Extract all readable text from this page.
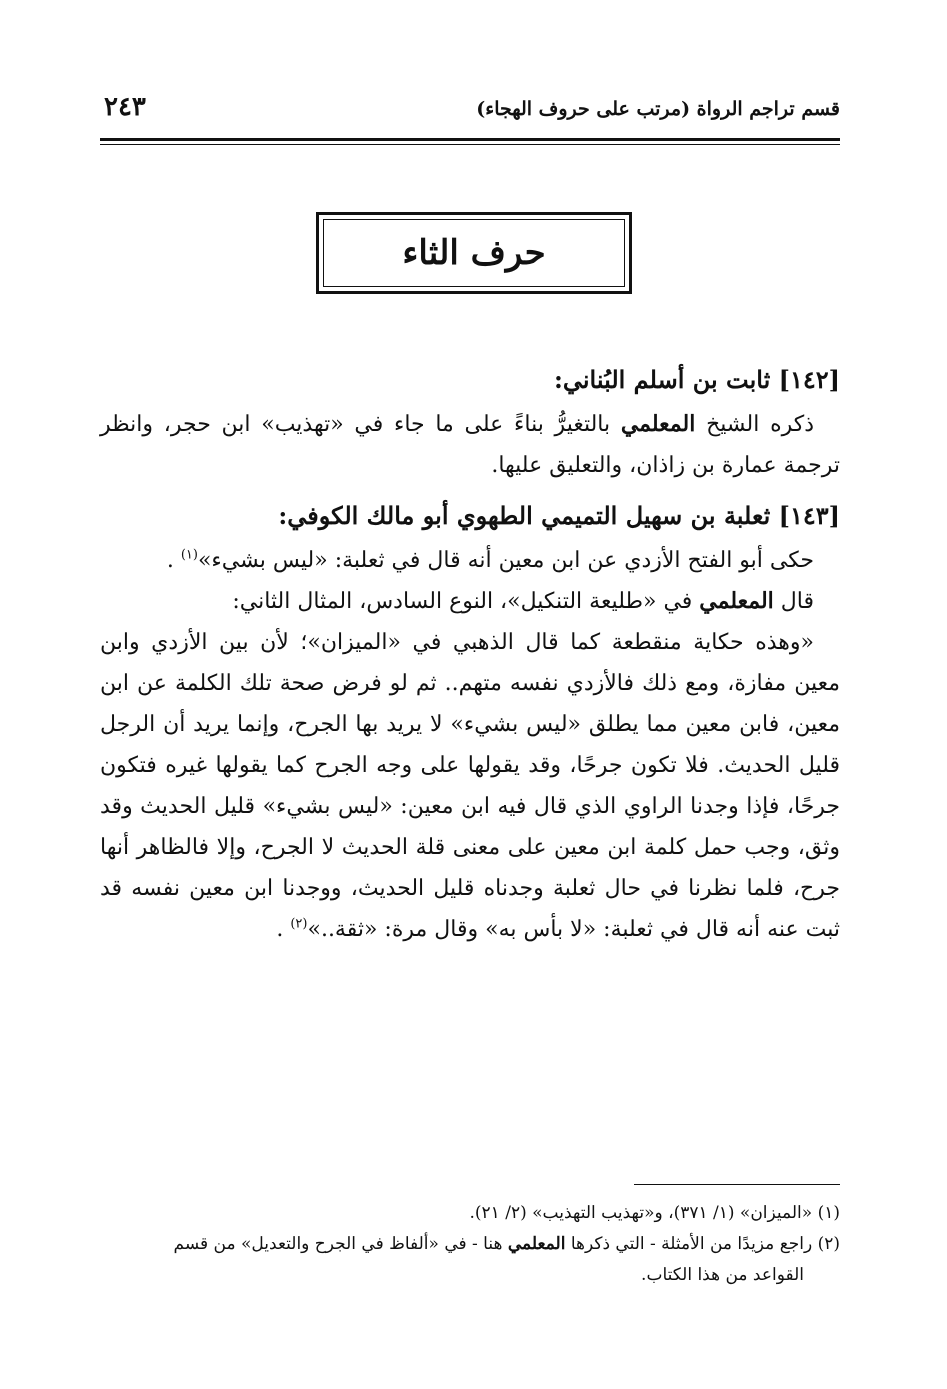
قسم تراجم الرواة (مرتب على حروف الهجاء)
٢٤٣
حرف الثاء

[١٤٢] ثابت بن أسلم البُناني:

ذكره الشيخ المعلمي بالتغيرُّ بناءً على ما جاء في «تهذيب» ابن حجر، وانظر ترجمة عمارة بن زاذان، والتعليق عليها.

[١٤٣] ثعلبة بن سهيل التميمي الطهوي أبو مالك الكوفي:

حكى أبو الفتح الأزدي عن ابن معين أنه قال في ثعلبة: «ليس بشيء»$^{(١)}$ .

قال المعلمي في «طليعة التنكيل»، النوع السادس، المثال الثاني:

«وهذه حكاية منقطعة كما قال الذهبي في «الميزان»؛ لأن بين الأزدي وابن معين مفازة، ومع ذلك فالأزدي نفسه متهم.. ثم لو فرض صحة تلك الكلمة عن ابن معين، فابن معين مما يطلق «ليس بشيء» لا يريد بها الجرح، وإنما يريد أن الرجل قليل الحديث. فلا تكون جرحًا، وقد يقولها على وجه الجرح كما يقولها غيره فتكون جرحًا، فإذا وجدنا الراوي الذي قال فيه ابن معين: «ليس بشيء» قليل الحديث وقد وثق، وجب حمل كلمة ابن معين على معنى قلة الحديث لا الجرح، وإلا فالظاهر أنها جرح، فلما نظرنا في حال ثعلبة وجدناه قليل الحديث، ووجدنا ابن معين نفسه قد ثبت عنه أنه قال في ثعلبة: «لا بأس به» وقال مرة: «ثقة..»$^{(٢)}$ .

(١) «الميزان» (١/ ٣٧١)، و«تهذيب التهذيب» (٢/ ٢١).

(٢) راجع مزيدًا من الأمثلة - التي ذكرها المعلمي هنا - في «ألفاظ في الجرح والتعديل» من قسم

القواعد من هذا الكتاب.
